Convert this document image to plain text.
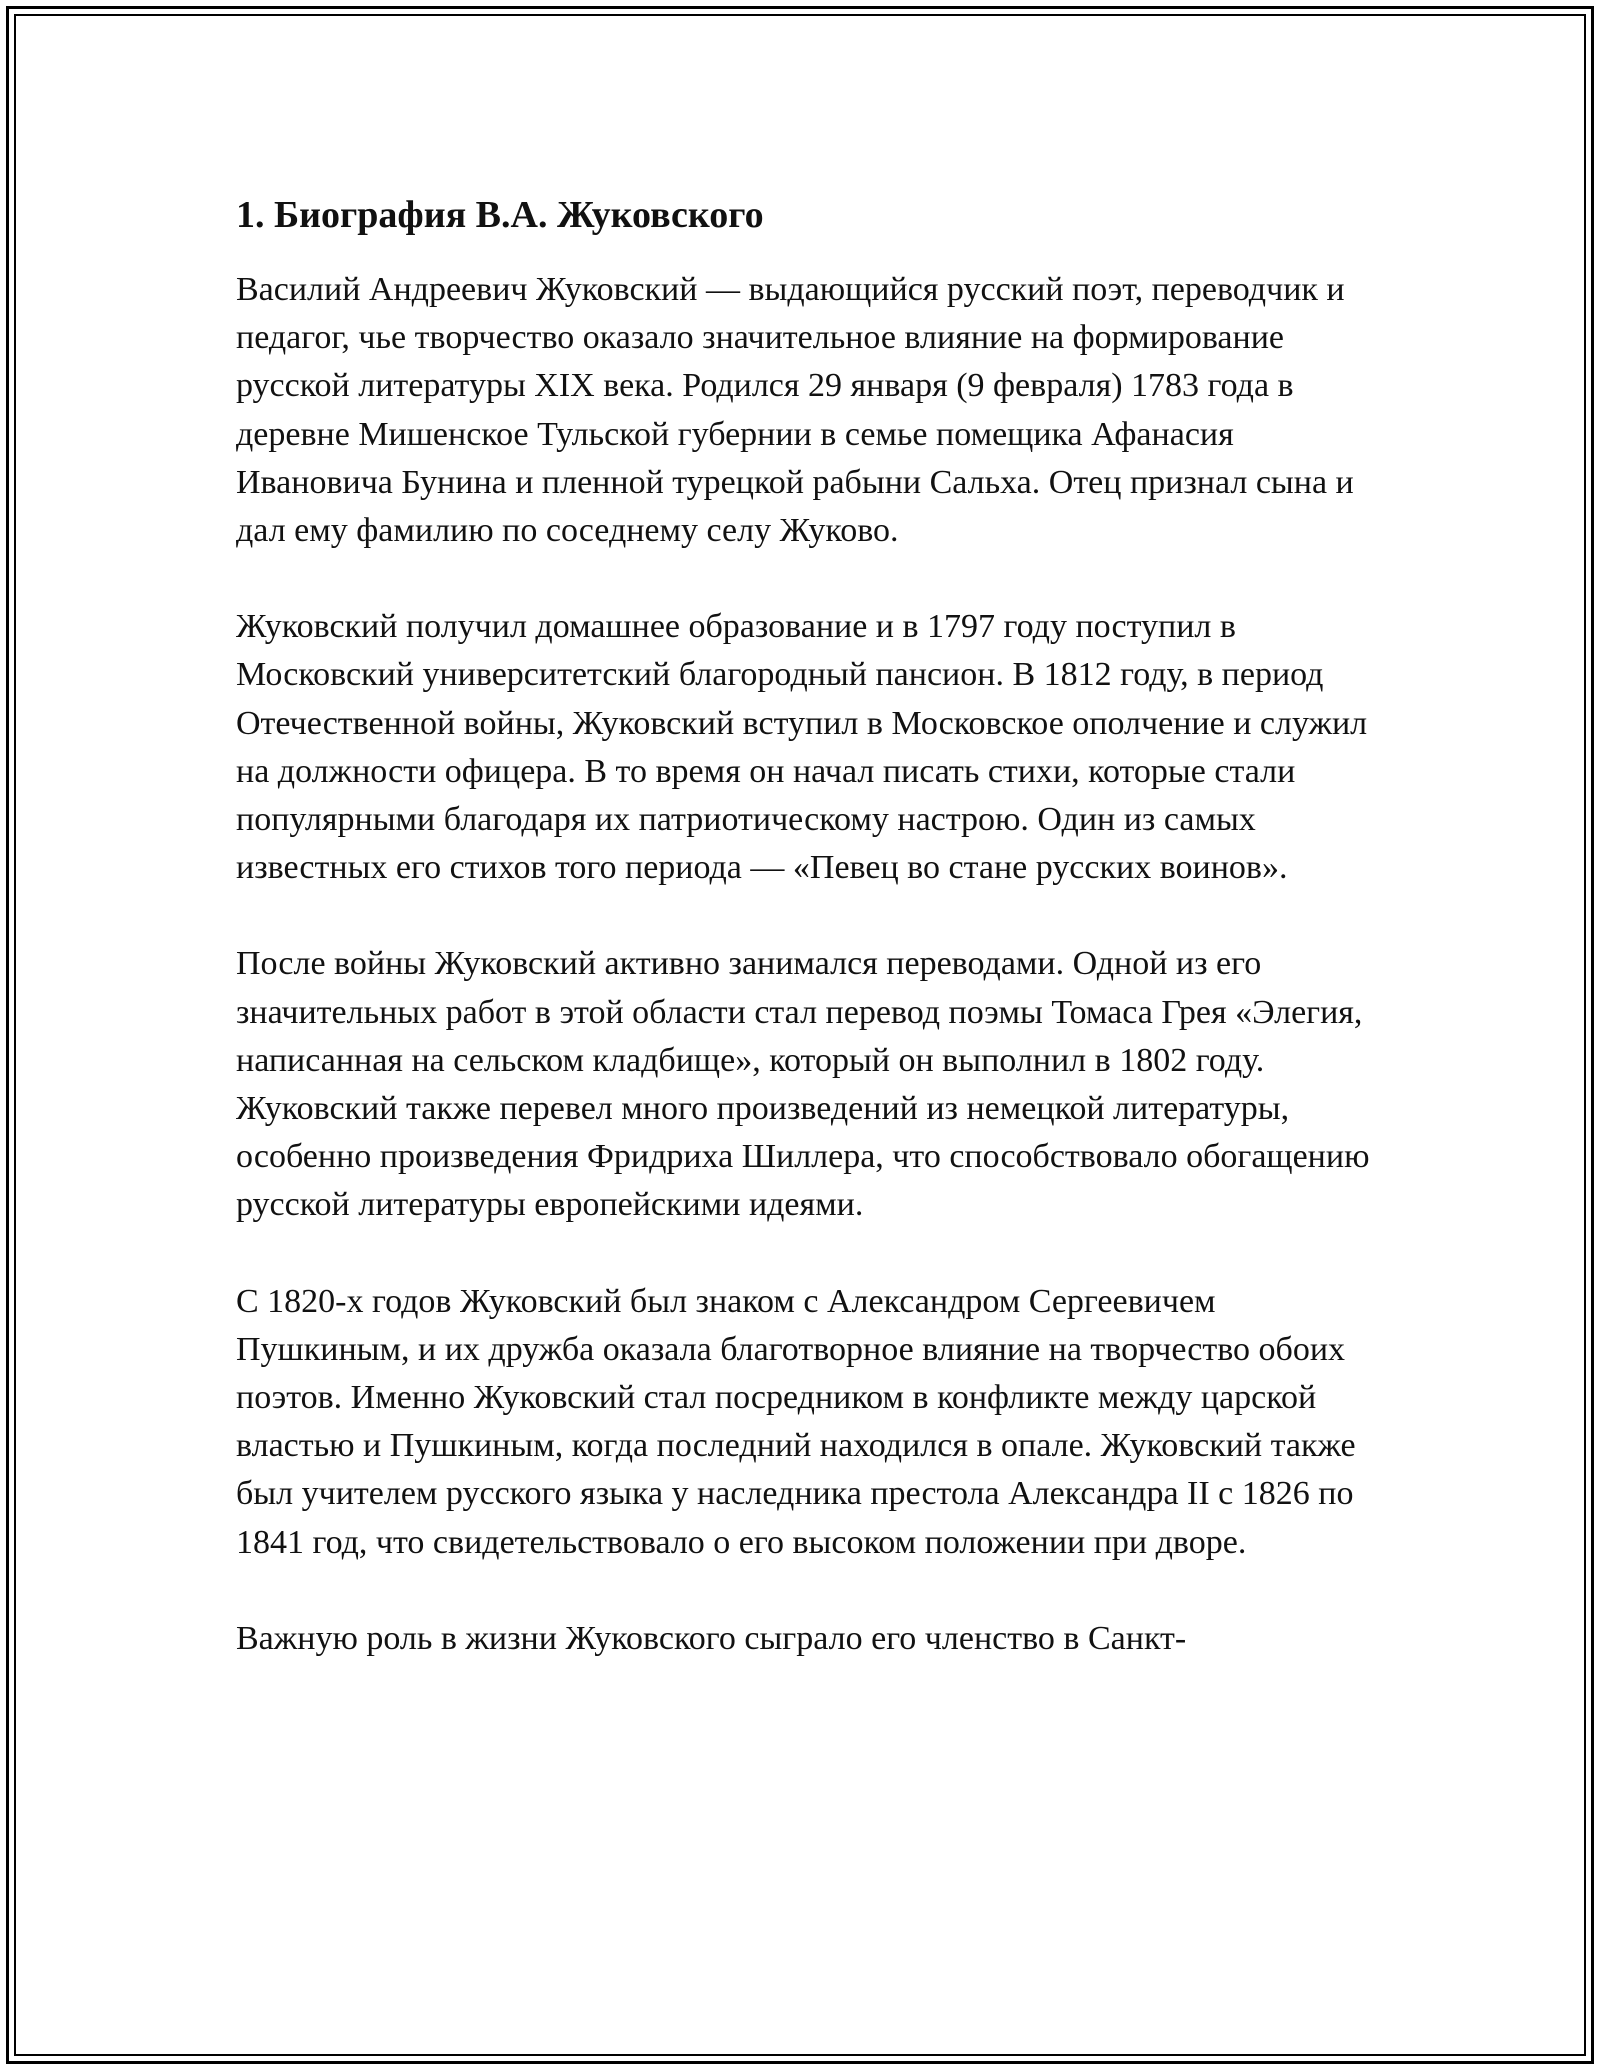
1. Биография В.А. Жуковского

Василий Андреевич Жуковский — выдающийся русский поэт, переводчик и педагог, чье творчество оказало значительное влияние на формирование русской литературы XIX века. Родился 29 января (9 февраля) 1783 года в деревне Мишенское Тульской губернии в семье помещика Афанасия Ивановича Бунина и пленной турецкой рабыни Сальха. Отец признал сына и дал ему фамилию по соседнему селу Жуково.

Жуковский получил домашнее образование и в 1797 году поступил в Московский университетский благородный пансион. В 1812 году, в период Отечественной войны, Жуковский вступил в Московское ополчение и служил на должности офицера. В то время он начал писать стихи, которые стали популярными благодаря их патриотическому настрою. Один из самых известных его стихов того периода — «Певец во стане русских воинов».

После войны Жуковский активно занимался переводами. Одной из его значительных работ в этой области стал перевод поэмы Томаса Грея «Элегия, написанная на сельском кладбище», который он выполнил в 1802 году. Жуковский также перевел много произведений из немецкой литературы, особенно произведения Фридриха Шиллера, что способствовало обогащению русской литературы европейскими идеями.

С 1820-х годов Жуковский был знаком с Александром Сергеевичем Пушкиным, и их дружба оказала благотворное влияние на творчество обоих поэтов. Именно Жуковский стал посредником в конфликте между царской властью и Пушкиным, когда последний находился в опале. Жуковский также был учителем русского языка у наследника престола Александра II с 1826 по 1841 год, что свидетельствовало о его высоком положении при дворе.

Важную роль в жизни Жуковского сыграло его членство в Санкт-
